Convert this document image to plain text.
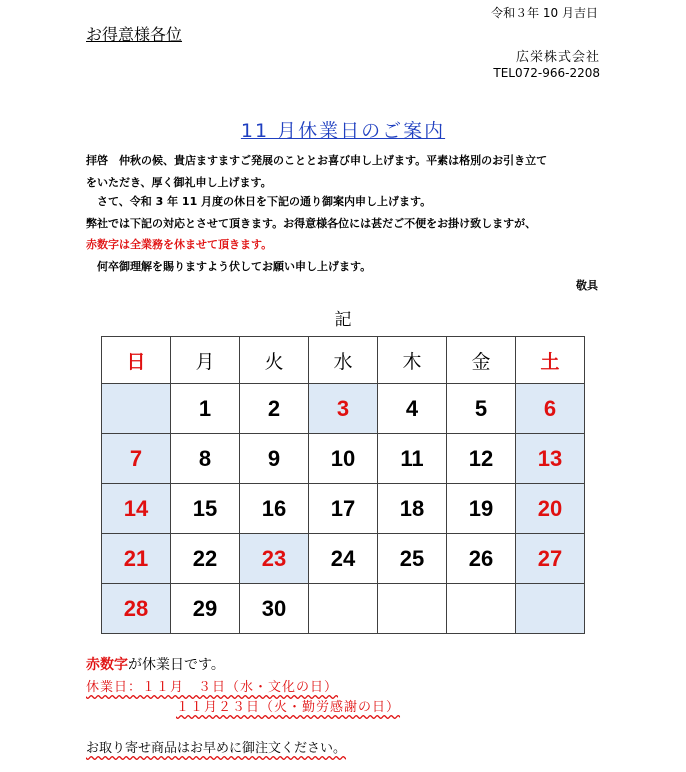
令和３年 10 月吉日
お得意様各位
広栄株式会社
TEL072-966-2208
11 月休業日のご案内
拝啓　仲秋の候、貴店ますますご発展のこととお喜び申し上げます。平素は格別のお引き立て
をいただき、厚く御礼申し上げます。
　さて、令和 3 年 11 月度の休日を下記の通り御案内申し上げます。
弊社では下記の対応とさせて頂きます。お得意様各位には甚だご不便をお掛け致しますが、
赤数字は全業務を休ませて頂きます。
　何卒御理解を賜りますよう伏してお願い申し上げます。
敬具
記
日	月	火	水	木	金	土
	1	2	3	4	5	6
7	8	9	10	11	12	13
14	15	16	17	18	19	20
21	22	23	24	25	26	27
28	29	30				
赤数字が休業日です。
休業日：１１月　３日（水・文化の日）
１１月２３日（火・勤労感謝の日）
お取り寄せ商品はお早めに御注文ください。
